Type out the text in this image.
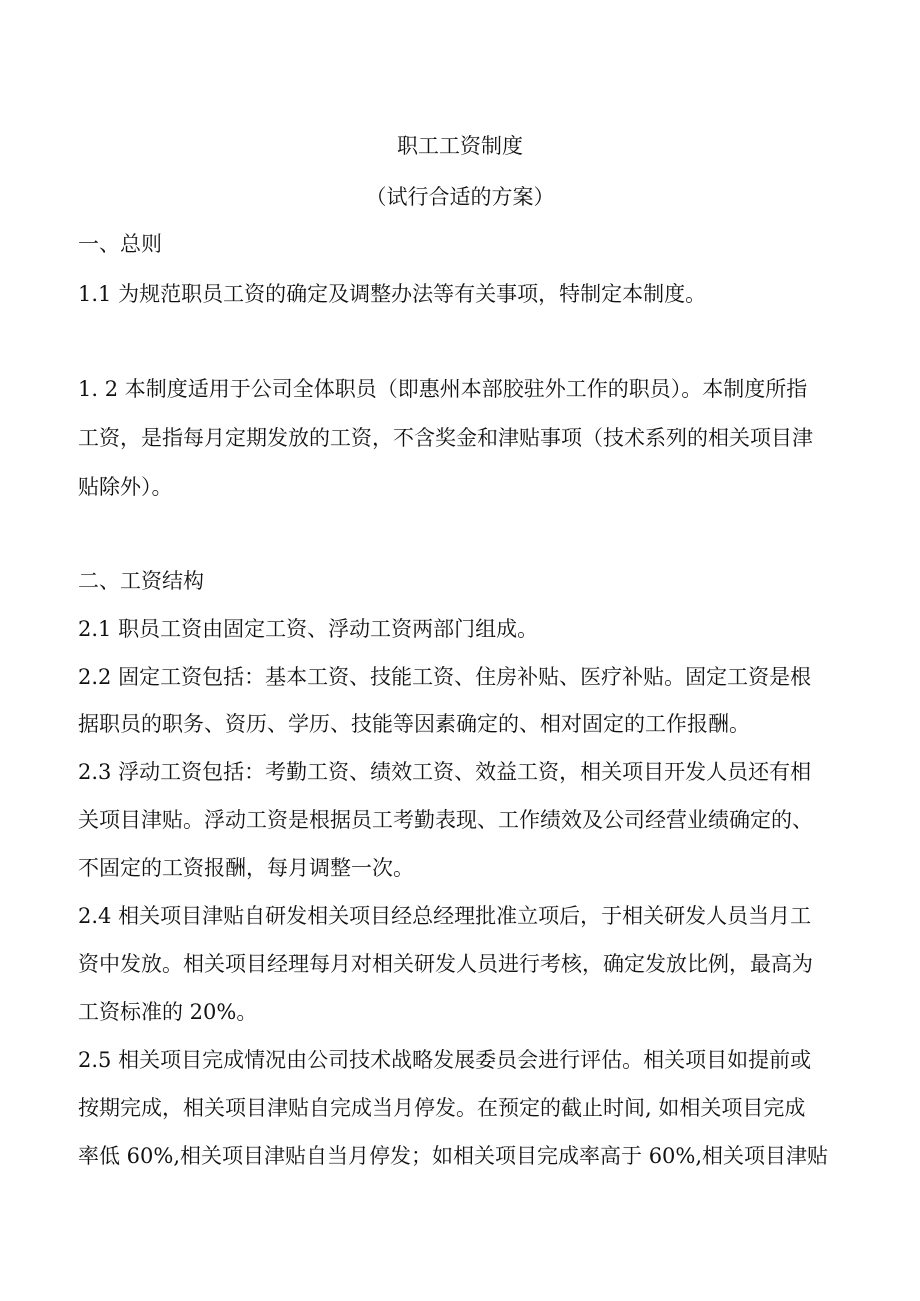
职工工资制度
（试行合适的方案）
一、总则
1.1 为规范职员工资的确定及调整办法等有关事项，特制定本制度。
1. 2 本制度适用于公司全体职员（即惠州本部胶驻外工作的职员）。本制度所指
工资，是指每月定期发放的工资，不含奖金和津贴事项（技术系列的相关项目津
贴除外）。
二、工资结构
2.1 职员工资由固定工资、浮动工资两部门组成。
2.2 固定工资包括：基本工资、技能工资、住房补贴、医疗补贴。固定工资是根
据职员的职务、资历、学历、技能等因素确定的、相对固定的工作报酬。
2.3 浮动工资包括：考勤工资、绩效工资、效益工资，相关项目开发人员还有相
关项目津贴。浮动工资是根据员工考勤表现、工作绩效及公司经营业绩确定的、
不固定的工资报酬，每月调整一次。
2.4 相关项目津贴自研发相关项目经总经理批准立项后，于相关研发人员当月工
资中发放。相关项目经理每月对相关研发人员进行考核，确定发放比例，最高为
工资标准的 20%。
2.5 相关项目完成情况由公司技术战略发展委员会进行评估。相关项目如提前或
按期完成，相关项目津贴自完成当月停发。在预定的截止时间, 如相关项目完成
率低 60%,相关项目津贴自当月停发；如相关项目完成率高于 60%,相关项目津贴
